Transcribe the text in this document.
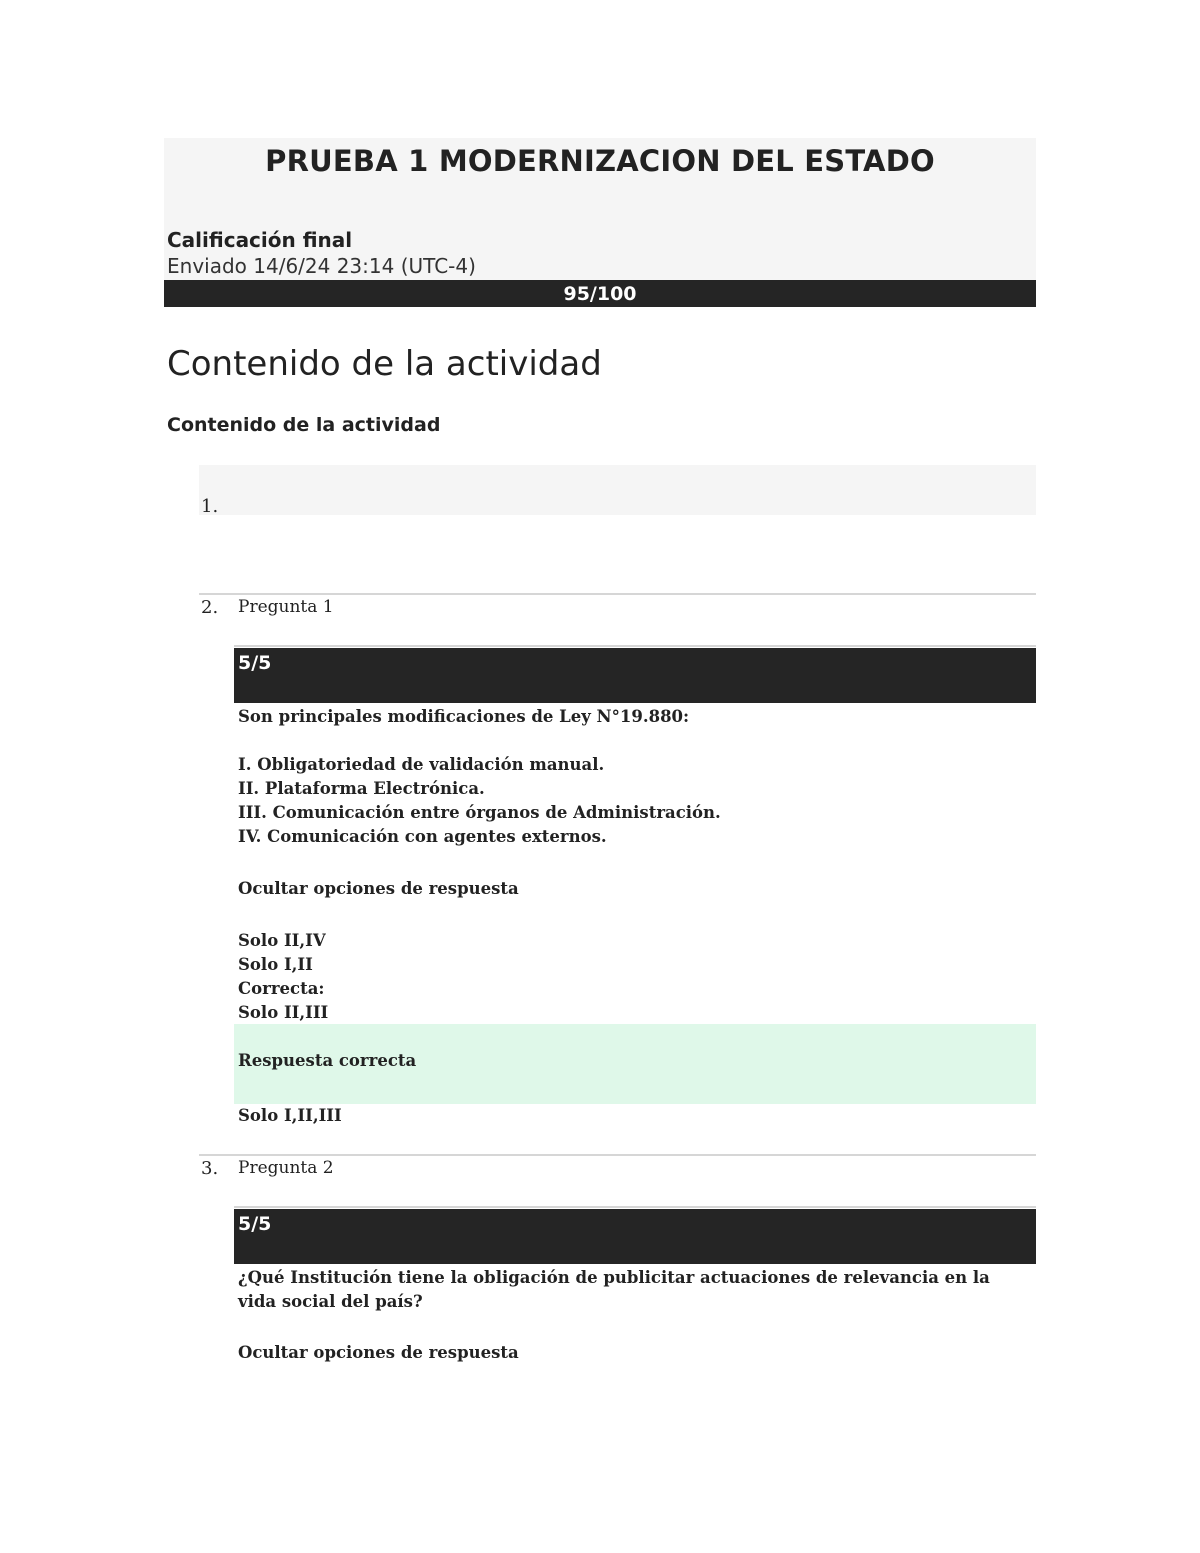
PRUEBA 1 MODERNIZACION DEL ESTADO
Calificación final
Enviado 14/6/24 23:14 (UTC-4)
95/100
Contenido de la actividad
Contenido de la actividad
1.
2. Pregunta 1
5/5
Son principales modificaciones de Ley N°19.880:
I. Obligatoriedad de validación manual.
II. Plataforma Electrónica.
III. Comunicación entre órganos de Administración.
IV. Comunicación con agentes externos.
Ocultar opciones de respuesta
Solo II,IV
Solo I,II
Correcta:
Solo II,III
Respuesta correcta
Solo I,II,III
3. Pregunta 2
5/5
¿Qué Institución tiene la obligación de publicitar actuaciones de relevancia en la vida social del país?
Ocultar opciones de respuesta
